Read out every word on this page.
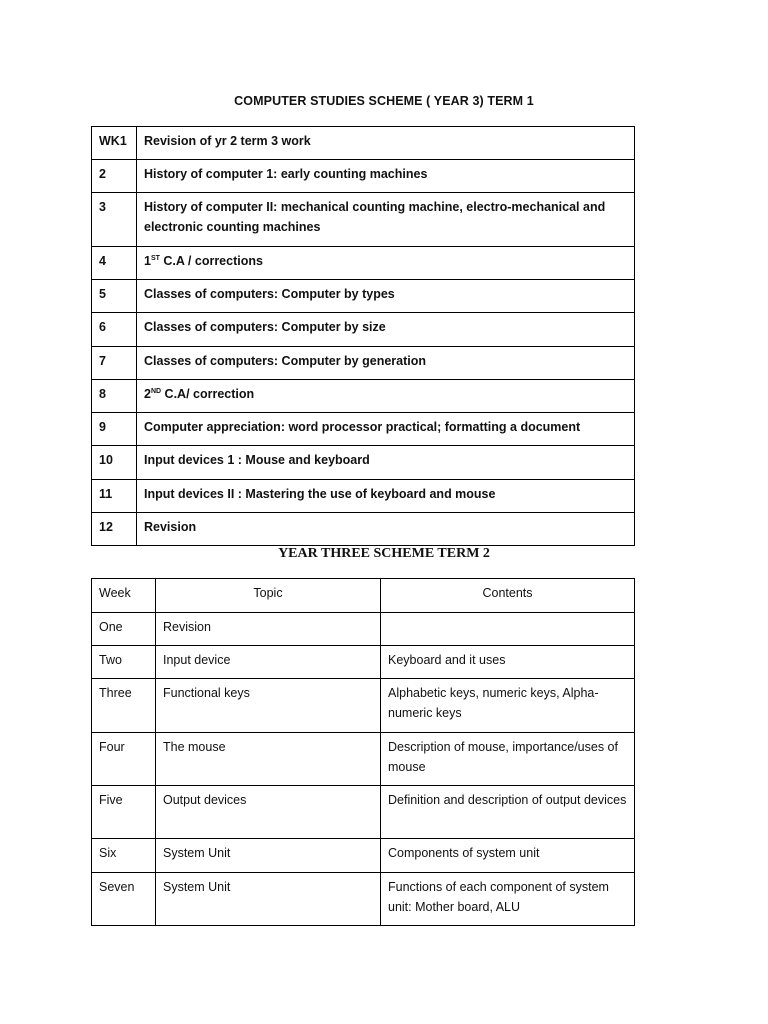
COMPUTER STUDIES SCHEME ( YEAR 3) TERM 1
WK1	Revision of yr 2 term 3 work
2	History of computer 1: early counting machines
3	History of computer II: mechanical counting machine, electro-mechanical and electronic counting machines
4	1ST C.A / corrections
5	Classes of computers: Computer by types
6	Classes of computers: Computer by size
7	Classes of computers: Computer by generation
8	2ND C.A/ correction
9	Computer appreciation: word processor practical; formatting a document
10	Input devices 1 : Mouse and keyboard
11	Input devices II : Mastering the use of keyboard and mouse
12	Revision
YEAR THREE SCHEME TERM 2
Week	Topic	Contents
One	Revision	
Two	Input device	Keyboard and it uses
Three	Functional keys	Alphabetic keys, numeric keys, Alpha-numeric keys
Four	The mouse	Description of mouse, importance/uses of mouse
Five	Output devices	Definition and description of output devices
Six	System Unit	Components of system unit
Seven	System Unit	Functions of each component of system unit: Mother board, ALU
